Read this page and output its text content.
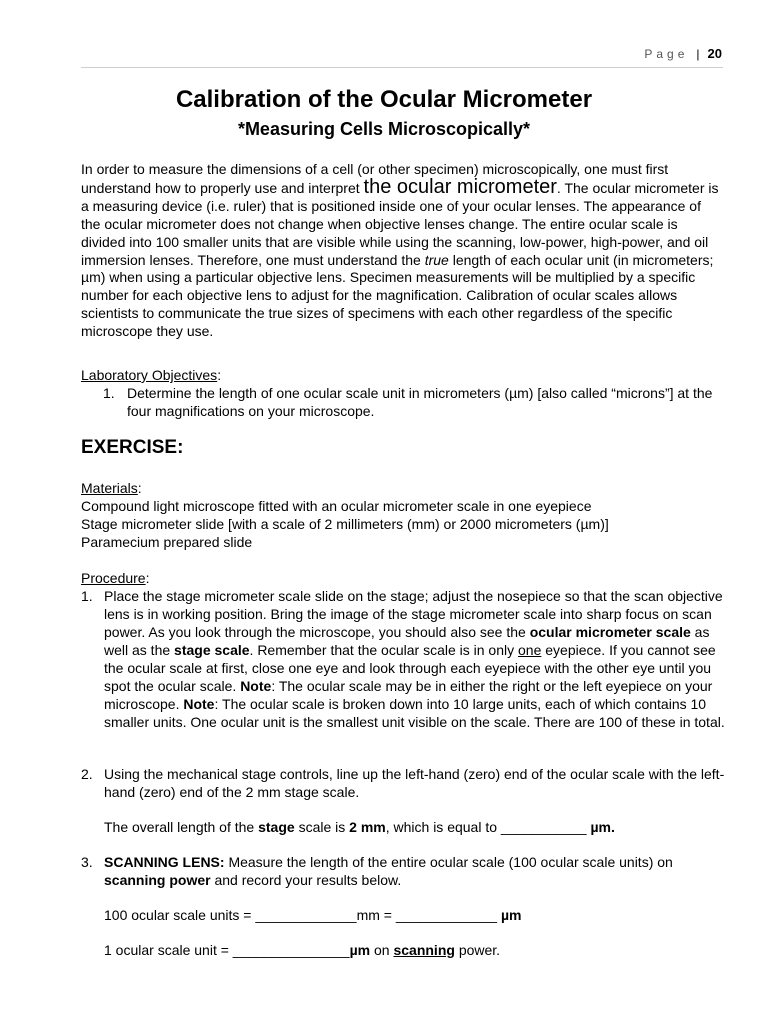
Page | 20
Calibration of the Ocular Micrometer
*Measuring Cells Microscopically*
In order to measure the dimensions of a cell (or other specimen) microscopically, one must first understand how to properly use and interpret the ocular micrometer. The ocular micrometer is a measuring device (i.e. ruler) that is positioned inside one of your ocular lenses. The appearance of the ocular micrometer does not change when objective lenses change. The entire ocular scale is divided into 100 smaller units that are visible while using the scanning, low-power, high-power, and oil immersion lenses. Therefore, one must understand the true length of each ocular unit (in micrometers; µm) when using a particular objective lens. Specimen measurements will be multiplied by a specific number for each objective lens to adjust for the magnification. Calibration of ocular scales allows scientists to communicate the true sizes of specimens with each other regardless of the specific microscope they use.
Laboratory Objectives:
1. Determine the length of one ocular scale unit in micrometers (µm) [also called “microns”] at the four magnifications on your microscope.
EXERCISE:
Materials:
Compound light microscope fitted with an ocular micrometer scale in one eyepiece
Stage micrometer slide [with a scale of 2 millimeters (mm) or 2000 micrometers (µm)]
Paramecium prepared slide
Procedure:
1. Place the stage micrometer scale slide on the stage; adjust the nosepiece so that the scan objective lens is in working position. Bring the image of the stage micrometer scale into sharp focus on scan power. As you look through the microscope, you should also see the ocular micrometer scale as well as the stage scale. Remember that the ocular scale is in only one eyepiece. If you cannot see the ocular scale at first, close one eye and look through each eyepiece with the other eye until you spot the ocular scale. Note: The ocular scale may be in either the right or the left eyepiece on your microscope. Note: The ocular scale is broken down into 10 large units, each of which contains 10 smaller units. One ocular unit is the smallest unit visible on the scale. There are 100 of these in total.
2. Using the mechanical stage controls, line up the left-hand (zero) end of the ocular scale with the left-hand (zero) end of the 2 mm stage scale.
The overall length of the stage scale is 2 mm, which is equal to ___________ µm.
3. SCANNING LENS: Measure the length of the entire ocular scale (100 ocular scale units) on scanning power and record your results below.
100 ocular scale units = _____________mm = _____________ µm
1 ocular scale unit = _______________µm on scanning power.
